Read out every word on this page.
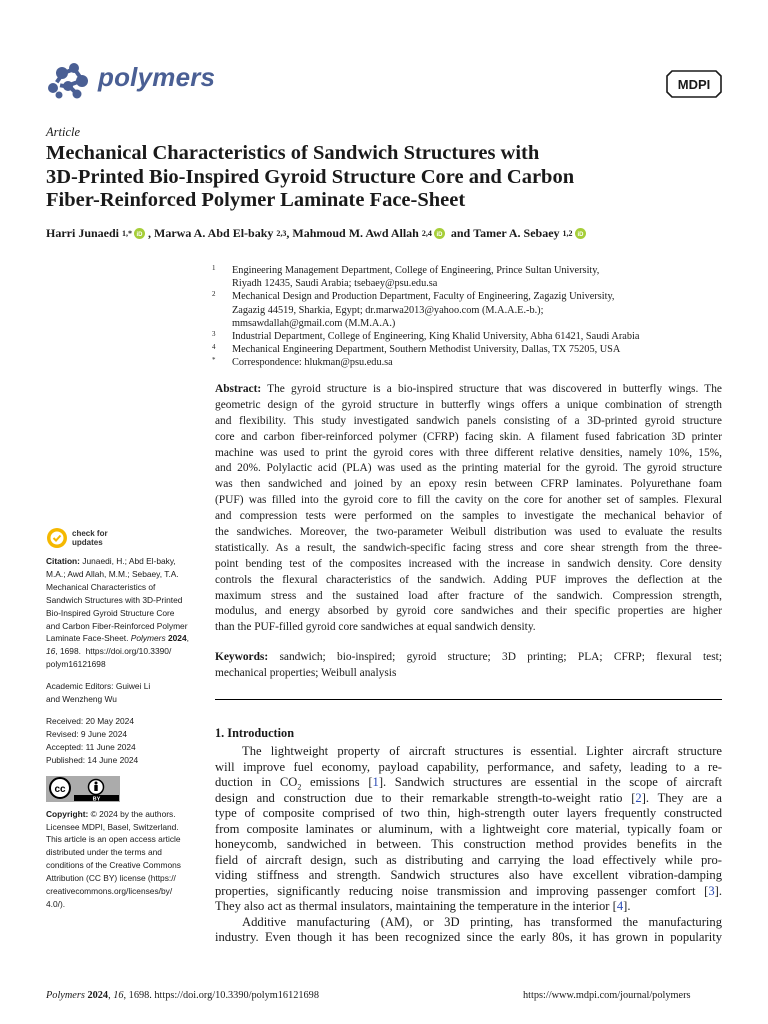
polymers	MDPI
Article
Mechanical Characteristics of Sandwich Structures with
3D-Printed Bio-Inspired Gyroid Structure Core and Carbon
Fiber-Reinforced Polymer Laminate Face-Sheet
Harri Junaedi
1,* iD , Marwa A. Abd El-baky
2,3 , Mahmoud M. Awd Allah
2,4 iD and Tamer A. Sebaey
1,2 iD
1	Engineering Management Department, College of Engineering, Prince Sultan University,
Riyadh 12435, Saudi Arabia; tsebaey@psu.edu.sa
2	Mechanical Design and Production Department, Faculty of Engineering, Zagazig University,
Zagazig 44519, Sharkia, Egypt; dr.marwa2013@yahoo.com (M.A.A.E.-b.);
mmsawdallah@gmail.com (M.M.A.A.)
3	Industrial Department, College of Engineering, King Khalid University, Abha 61421, Saudi Arabia
4	Mechanical Engineering Department, Southern Methodist University, Dallas, TX 75205, USA
*	Correspondence: hlukman@psu.edu.sa
Abstract: The gyroid structure is a bio-inspired structure that was discovered in butterfly wings. The
geometric design of the gyroid structure in butterfly wings offers a unique combination of strength
and flexibility. This study investigated sandwich panels consisting of a 3D-printed gyroid structure
core and carbon fiber-reinforced polymer (CFRP) facing skin. A filament fused fabrication 3D printer
machine was used to print the gyroid cores with three different relative densities, namely 10%, 15%,
and 20%. Polylactic acid (PLA) was used as the printing material for the gyroid. The gyroid structure
was then sandwiched and joined by an epoxy resin between CFRP laminates. Polyurethane foam
(PUF) was filled into the gyroid core to fill the cavity on the core for another set of samples. Flexural
and compression tests were performed on the samples to investigate the mechanical behavior of
the sandwiches. Moreover, the two-parameter Weibull distribution was used to evaluate the results
statistically. As a result, the sandwich-specific facing stress and core shear strength from the three-
point bending test of the composites increased with the increase in sandwich density. Core density
controls the flexural characteristics of the sandwich. Adding PUF improves the deflection at the
maximum stress and the sustained load after fracture of the sandwich. Compression strength,
modulus, and energy absorbed by gyroid core sandwiches and their specific properties are higher
than the PUF-filled gyroid core sandwiches at equal sandwich density.
Keywords: sandwich; bio-inspired; gyroid structure; 3D printing; PLA; CFRP; flexural test;
mechanical properties; Weibull analysis
1. Introduction
The lightweight property of aircraft structures is essential. Lighter aircraft structure
will improve fuel economy, payload capability, performance, and safety, leading to a re-
duction in $CO_2$ emissions [1]. Sandwich structures are essential in the scope of aircraft
design and construction due to their remarkable strength-to-weight ratio [2]. They are a
type of composite comprised of two thin, high-strength outer layers frequently constructed
from composite laminates or aluminum, with a lightweight core material, typically foam or
honeycomb, sandwiched in between. This construction method provides benefits in the
field of aircraft design, such as distributing and carrying the load effectively while pro-
viding stiffness and strength. Sandwich structures also have excellent vibration-damping
properties, significantly reducing noise transmission and improving passenger comfort [3].
They also act as thermal insulators, maintaining the temperature in the interior [4].
Additive manufacturing (AM), or 3D printing, has transformed the manufacturing
industry. Even though it has been recognized since the early 80s, it has grown in popularity
check for
updates
Citation: Junaedi, H.; Abd El-baky,
M.A.; Awd Allah, M.M.; Sebaey, T.A.
Mechanical Characteristics of
Sandwich Structures with 3D-Printed
Bio-Inspired Gyroid Structure Core
and Carbon Fiber-Reinforced Polymer
Laminate Face-Sheet. Polymers 2024,
16, 1698.  https://doi.org/10.3390/
polym16121698
Academic Editors: Guiwei Li
and Wenzheng Wu
Received: 20 May 2024
Revised: 9 June 2024
Accepted: 11 June 2024
Published: 14 June 2024
cc
BY
Copyright: © 2024 by the authors.
Licensee MDPI, Basel, Switzerland.
This article is an open access article
distributed under the terms and
conditions of the Creative Commons
Attribution (CC BY) license (https://
creativecommons.org/licenses/by/
4.0/).
Polymers 2024, 16, 1698. https://doi.org/10.3390/polym16121698	https://www.mdpi.com/journal/polymers
